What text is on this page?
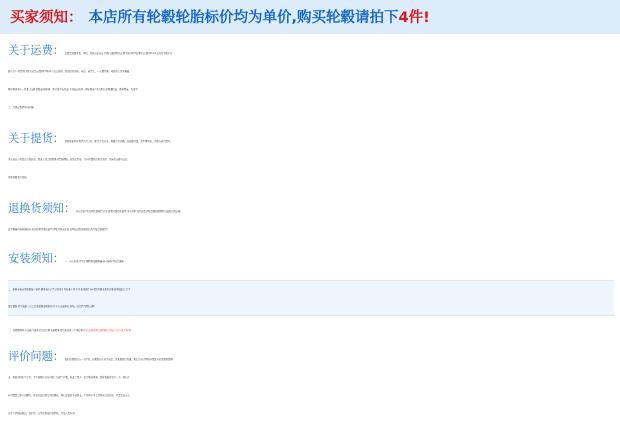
买家须知： 本店所有轮毂轮胎标价均为单价,购买轮毂请拍下4件!
关于运费： 运费需按照重量、体积、地区远近而定,因淘宝限制默认运费不能为0,所以默认运费为0.1-1元的均不属于包
邮产品!一般情况下默认的是运费到付!购买产品交易时，您的联系地址、电话、收货人，一定要正确。轮毂为大件易碰磁
顺坏物体本店一般都会安排发物流!轮胎珠三角江浙沪安快递,其他偏远地区一律安物流! 本店默认发国通快递、德邦物流、天地华
宇、具体运费请咨询客服!
关于提货： 请您拆箱检查物货是否完好、配件是否齐全、数据是否正确。如发现问题，请不要签收。请您与我们联系。
本店商品一般都是有保的的。物流公司会按照事实情况理赔。如您已签收，任何问题将由您来承担。请亲们谅解与支持，
共同保障双方利益。
退换货须知： 本店承诺7天无理由退换货,由于质量问题造成退货,本店承担来回运费,但您需要按照原样包装好以免运输
途中碰磕造成轮毂损坏,如非质量问题的退货,请您承担商品的来回的运费.轮毂改色均不接受退换货!
安装须知： 一、小心轻放,切勿于硬物直接触碰磕,若有碰伤不接受退换.
二、轮毂安装前请先做装车试验,确保装车后不会和刹车系统和车身干涉,如发现任何问题,请致电我们客服,轮毂装胎之后不
接受退换,因为装胎一定会造成轮毂漆面损伤,并且有安装印记,影响二次销售!请您谅解!
三、拧紧螺丝时,应该循序渐进的方法拧紧全部螺丝,切勿先拧紧一个再拧紧其它,这样容易造成四轮定位偏差,行车发生抖动!
评价问题： 我们重视您的每一个评价。如果您有任何不满意，请先跟我们沟通，相信任何合理的问题都可以迅速给您解
决。贸然的给出中差评，并不能解决任何问题。出现了问题，彼此之间多一份冷静和坦诚，都试着换位思考一下，相信任
何问题都会迎刃而解的。我们欢迎这样宽容的顾客，相信还能成为老朋友。个别买家为了达到自己的目的，以恶意攻击卖
家并差评相威胁的，我们也一定坚持原则投诉到底，并加入黑名单！
